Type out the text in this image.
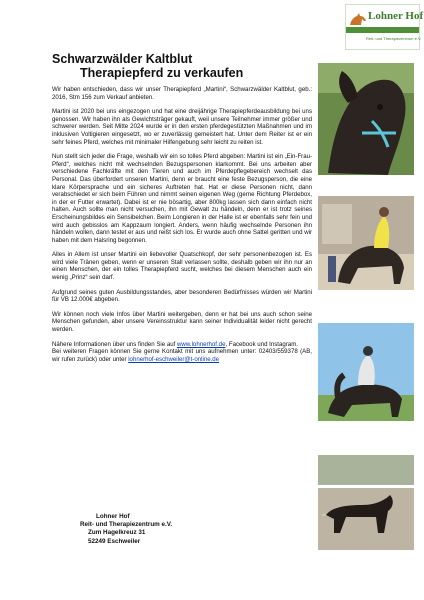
Lohner Hof
Reit- und Therapiezentrum e.V.
Schwarzwälder Kaltblut
Therapiepferd zu verkaufen

Wir haben entschieden, dass wir unser Therapiepferd „Martini“, Schwarzwälder Kaltblut, geb.: 2016, Stm 156 zum Verkauf anbieten.

Martini ist 2020 bei uns eingezogen und hat eine dreijährige Therapiepferdeausbildung bei uns genossen. Wir haben ihn als Gewichtsträger gekauft, weil unsere Teilnehmer immer größer und schwerer werden. Seit Mitte 2024 wurde er in den ersten pferdegestützten Maßnahmen und im inklusiven Voltigieren eingesetzt, wo er zuverlässig gemeistert hat. Unter dem Reiter ist er ein sehr feines Pferd, welches mit minimaler Hilfengebung sehr leicht zu reiten ist.

Nun stellt sich jeder die Frage, weshalb wir ein so tolles Pferd abgeben: Martini ist ein „Ein-Frau-Pferd“, welches nicht mit wechselnden Bezugspersonen klarkommt. Bei uns arbeiten aber verschiedene Fachkräfte mit den Tieren und auch im Pferdepflegebereich wechselt das Personal. Das überfordert unseren Martini, denn er braucht eine feste Bezugsperson, die eine klare Körpersprache und ein sicheres Auftreten hat. Hat er diese Personen nicht, dann verabschiedet er sich beim Führen und nimmt seinen eigenen Weg (gerne Richtung Pferdebox, in der er Futter erwartet). Dabei ist er nie bösartig, aber 800kg lassen sich dann einfach nicht halten. Auch sollte man nicht versuchen, ihn mit Gewalt zu händeln, denn er ist trotz seines Erscheinungsbildes ein Sensibelchen. Beim Longieren in der Halle ist er ebenfalls sehr fein und wird auch gebisslos am Kappzaum longiert. Anders, wenn häufig wechselnde Personen ihn händeln wollen, dann testet er aus und reißt sich los. Er wurde auch ohne Sattel geritten und wir haben mit dem Halsring begonnen.

Alles in Allem ist unser Martini ein liebevoller Quatschkopf, der sehr personenbezogen ist. Es wird viele Tränen geben, wenn er unseren Stall verlassen sollte, deshalb geben wir ihn nur an einen Menschen, der ein tolles Therapiepferd sucht, welches bei diesem Menschen auch ein wenig „Prinz“ sein darf.

Aufgrund seines guten Ausbildungsstandes, aber besonderen Bedürfnisses würden wir Martini für VB 12.000€ abgeben.

Wir können noch viele Infos über Martini weitergeben, denn er hat bei uns auch schon seine Menschen gefunden, aber unsere Vereinsstruktur kann seiner Individualität leider nicht gerecht werden.

Nähere Informationen über uns finden Sie auf www.lohnerhof.de, Facebook und Instagram.
Bei weiteren Fragen können Sie gerne Kontakt mit uns aufnehmen unter: 02403/559378 (AB, wir rufen zurück) oder unter lohnerhof-eschweiler@t-online.de

Lohner Hof
Reit- und Therapiezentrum e.V.
Zum Hagelkreuz 31
52249 Eschweiler
